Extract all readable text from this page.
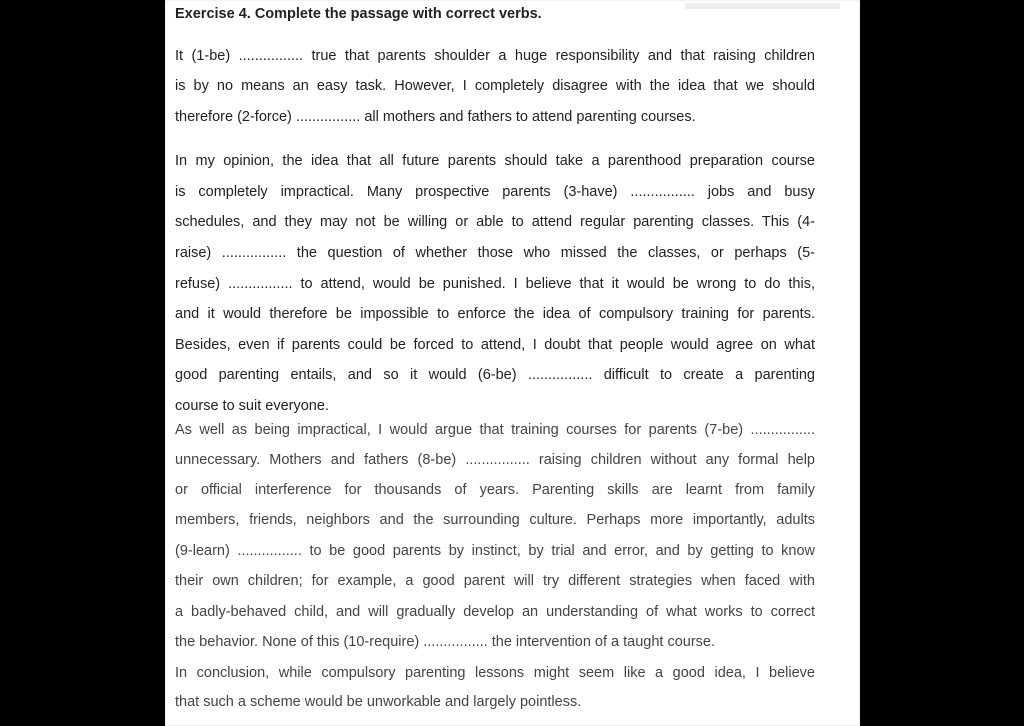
Exercise 4. Complete the passage with correct verbs.
It (1-be) ................ true that parents shoulder a huge responsibility and that raising children
is by no means an easy task. However, I completely disagree with the idea that we should
therefore (2-force) ................ all mothers and fathers to attend parenting courses.
In my opinion, the idea that all future parents should take a parenthood preparation course
is completely impractical. Many prospective parents (3-have) ................ jobs and busy
schedules, and they may not be willing or able to attend regular parenting classes. This (4-
raise) ................ the question of whether those who missed the classes, or perhaps (5-
refuse) ................ to attend, would be punished. I believe that it would be wrong to do this,
and it would therefore be impossible to enforce the idea of compulsory training for parents.
Besides, even if parents could be forced to attend, I doubt that people would agree on what
good parenting entails, and so it would (6-be) ................ difficult to create a parenting
course to suit everyone.
As well as being impractical, I would argue that training courses for parents (7-be) ................
unnecessary. Mothers and fathers (8-be) ................ raising children without any formal help
or official interference for thousands of years. Parenting skills are learnt from family
members, friends, neighbors and the surrounding culture. Perhaps more importantly, adults
(9-learn) ................ to be good parents by instinct, by trial and error, and by getting to know
their own children; for example, a good parent will try different strategies when faced with
a badly-behaved child, and will gradually develop an understanding of what works to correct
the behavior. None of this (10-require) ................ the intervention of a taught course.
In conclusion, while compulsory parenting lessons might seem like a good idea, I believe
that such a scheme would be unworkable and largely pointless.
